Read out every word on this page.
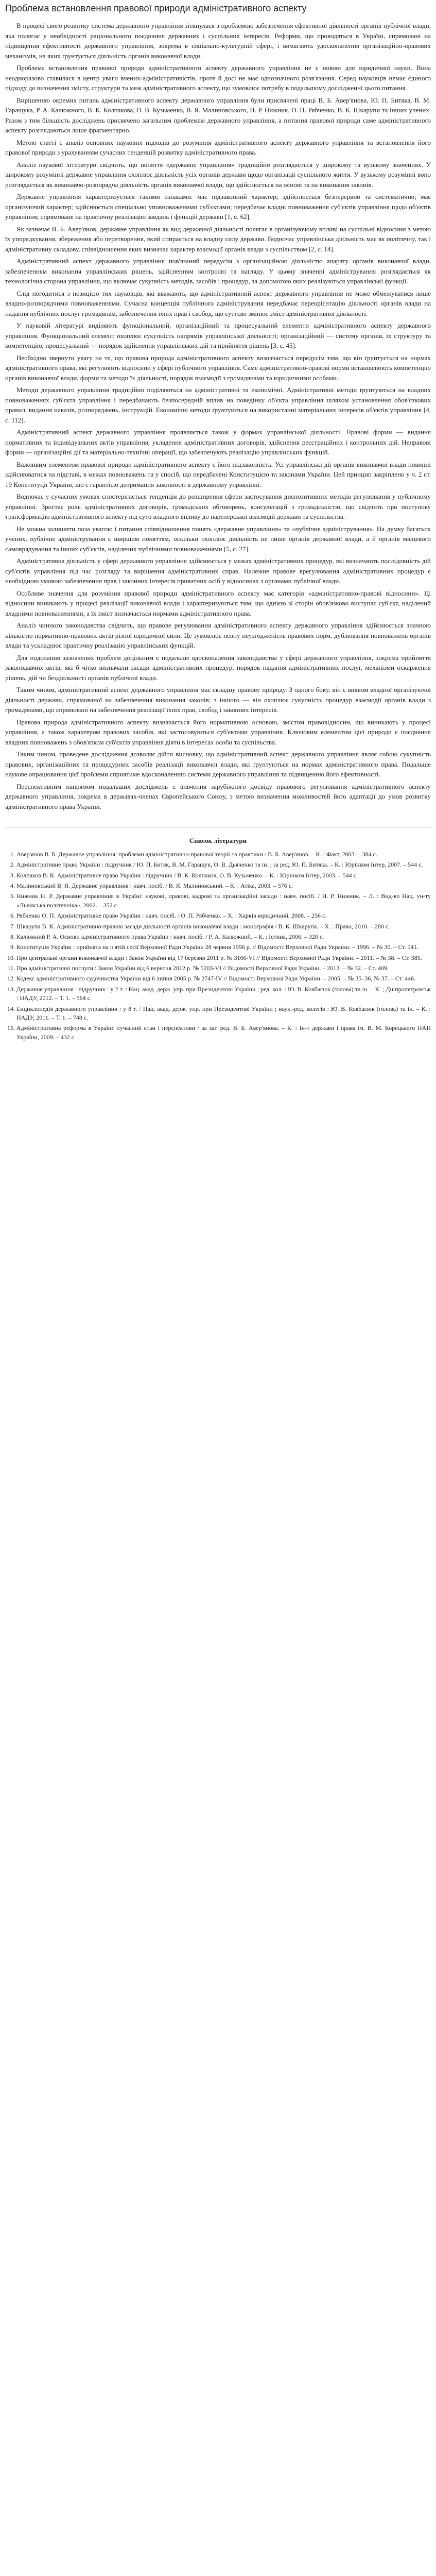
Проблема встановлення правової природи адміністративного аспекту

В процесі свого розвитку система державного управління зіткнулася з проблемою забезпечення ефективної діяльності органів публічної влади, яка полягає у необхідності раціонального поєднання державних і суспільних інтересів. Реформи, що проводяться в Україні, спрямовані на підвищення ефективності державного управління, зокрема в соціально-культурній сфері, і вимагають удосконалення організаційно-правових механізмів, на яких ґрунтується діяльність органів виконавчої влади.

Проблема встановлення правової природи адміністративного аспекту державного управління не є новою для юридичної науки. Вона неодноразово ставилася в центр уваги вчених-адміністративістів, проте й досі не має однозначного розв'язання. Серед науковців немає єдиного підходу до визначення змісту, структури та меж адміністративного аспекту, що зумовлює потребу в подальшому дослідженні цього питання.

Вирішенню окремих питань адміністративного аспекту державного управління були присвячені праці В. Б. Авер'янова, Ю. П. Битяка, В. М. Гаращука, Р. А. Калюжного, В. К. Колпакова, О. В. Кузьменко, В. Я. Малиновського, Н. Р. Нижник, О. П. Рябченко, В. К. Шкарупи та інших учених. Разом з тим більшість досліджень присвячено загальним проблемам державного управління, а питання правової природи саме адміністративного аспекту розглядаються лише фрагментарно.

Метою статті є аналіз основних наукових підходів до розуміння адміністративного аспекту державного управління та встановлення його правової природи з урахуванням сучасних тенденцій розвитку адміністративного права.

Аналіз наукової літератури свідчить, що поняття «державне управління» традиційно розглядається у широкому та вузькому значеннях. У широкому розумінні державне управління охоплює діяльність усіх органів держави щодо організації суспільного життя. У вузькому розумінні воно розглядається як виконавчо-розпорядча діяльність органів виконавчої влади, що здійснюється на основі та на виконання законів.

Державне управління характеризується такими ознаками: має підзаконний характер; здійснюється безперервно та систематично; має організуючий характер; здійснюється спеціально уповноваженими суб'єктами; передбачає владні повноваження суб'єктів управління щодо об'єктів управління; спрямоване на практичну реалізацію завдань і функцій держави [1, с. 62].

Як зазначає В. Б. Авер'янов, державне управління як вид державної діяльності полягає в організуючому впливі на суспільні відносини з метою їх упорядкування, збереження або перетворення, який спирається на владну силу держави. Водночас управлінська діяльність має як політичну, так і адміністративну складову, співвідношення яких визначає характер взаємодії органів влади з суспільством [2, с. 14].

Адміністративний аспект державного управління пов'язаний передусім з організаційною діяльністю апарату органів виконавчої влади, забезпеченням виконання управлінських рішень, здійсненням контролю та нагляду. У цьому значенні адміністрування розглядається як технологічна сторона управління, що включає сукупність методів, засобів і процедур, за допомогою яких реалізуються управлінські функції.

Слід погодитися з позицією тих науковців, які вважають, що адміністративний аспект державного управління не може обмежуватися лише владно-розпорядчими повноваженнями. Сучасна концепція публічного адміністрування передбачає переорієнтацію діяльності органів влади на надання публічних послуг громадянам, забезпечення їхніх прав і свобод, що суттєво змінює зміст адміністративної діяльності.

У науковій літературі виділяють функціональний, організаційний та процесуальний елементи адміністративного аспекту державного управління. Функціональний елемент охоплює сукупність напрямів управлінської діяльності; організаційний — систему органів, їх структуру та компетенцію; процесуальний — порядок здійснення управлінських дій та прийняття рішень [3, с. 45].

Необхідно звернути увагу на те, що правова природа адміністративного аспекту визначається передусім тим, що він ґрунтується на нормах адміністративного права, які регулюють відносини у сфері публічного управління. Саме адміністративно-правові норми встановлюють компетенцію органів виконавчої влади, форми та методи їх діяльності, порядок взаємодії з громадянами та юридичними особами.

Методи державного управління традиційно поділяються на адміністративні та економічні. Адміністративні методи ґрунтуються на владних повноваженнях суб'єкта управління і передбачають безпосередній вплив на поведінку об'єкта управління шляхом установлення обов'язкових правил, видання наказів, розпоряджень, інструкцій. Економічні методи ґрунтуються на використанні матеріальних інтересів об'єктів управління [4, с. 112].

Адміністративний аспект державного управління проявляється також у формах управлінської діяльності. Правові форми — видання нормативних та індивідуальних актів управління, укладення адміністративних договорів, здійснення реєстраційних і контрольних дій. Неправові форми — організаційні дії та матеріально-технічні операції, що забезпечують реалізацію управлінських функцій.

Важливим елементом правової природи адміністративного аспекту є його підзаконність. Усі управлінські дії органів виконавчої влади повинні здійснюватися на підставі, в межах повноважень та у спосіб, що передбачені Конституцією та законами України. Цей принцип закріплено у ч. 2 ст. 19 Конституції України, що є гарантією дотримання законності в державному управлінні.

Водночас у сучасних умовах спостерігається тенденція до розширення сфери застосування диспозитивних методів регулювання у публічному управлінні. Зростає роль адміністративних договорів, громадських обговорень, консультацій з громадськістю, що свідчить про поступову трансформацію адміністративного аспекту від суто владного впливу до партнерської взаємодії держави та суспільства.

Не можна залишити поза увагою і питання співвідношення понять «державне управління» та «публічне адміністрування». На думку багатьох учених, публічне адміністрування є ширшим поняттям, оскільки охоплює діяльність не лише органів державної влади, а й органів місцевого самоврядування та інших суб'єктів, наділених публічними повноваженнями [5, с. 27].

Адміністративна діяльність у сфері державного управління здійснюється у межах адміністративних процедур, які визначають послідовність дій суб'єктів управління під час розгляду та вирішення адміністративних справ. Належне правове врегулювання адміністративних процедур є необхідною умовою забезпечення прав і законних інтересів приватних осіб у відносинах з органами публічної влади.

Особливе значення для розуміння правової природи адміністративного аспекту має категорія «адміністративно-правові відносини». Ці відносини виникають у процесі реалізації виконавчої влади і характеризуються тим, що однією зі сторін обов'язково виступає суб'єкт, наділений владними повноваженнями, а їх зміст визначається нормами адміністративного права.

Аналіз чинного законодавства свідчить, що правове регулювання адміністративного аспекту державного управління здійснюється значною кількістю нормативно-правових актів різної юридичної сили. Це зумовлює певну неузгодженість правових норм, дублювання повноважень органів влади та ускладнює практичну реалізацію управлінських функцій.

Для подолання зазначених проблем доцільним є подальше вдосконалення законодавства у сфері державного управління, зокрема прийняття законодавчих актів, які б чітко визначали засади адміністративних процедур, порядок надання адміністративних послуг, механізми оскарження рішень, дій чи бездіяльності органів публічної влади.

Таким чином, адміністративний аспект державного управління має складну правову природу. З одного боку, він є виявом владної організуючої діяльності держави, спрямованої на забезпечення виконання законів; з іншого — він охоплює сукупність процедур взаємодії органів влади з громадянами, що спрямовані на забезпечення реалізації їхніх прав, свобод і законних інтересів.

Правова природа адміністративного аспекту визначається його нормативною основою, змістом правовідносин, що виникають у процесі управління, а також характером правових засобів, які застосовуються суб'єктами управління. Ключовим елементом цієї природи є поєднання владних повноважень з обов'язком суб'єктів управління діяти в інтересах особи та суспільства.

Таким чином, проведене дослідження дозволяє дійти висновку, що адміністративний аспект державного управління являє собою сукупність правових, організаційних та процедурних засобів реалізації виконавчої влади, які ґрунтуються на нормах адміністративного права. Подальше наукове опрацювання цієї проблеми сприятиме вдосконаленню системи державного управління та підвищенню його ефективності.

Перспективним напрямом подальших досліджень є вивчення зарубіжного досвіду правового регулювання адміністративного аспекту державного управління, зокрема в державах-членах Європейського Союзу, з метою визначення можливостей його адаптації до умов розвитку адміністративного права України.

Список літератури
1. Авер'янов В. Б. Державне управління: проблеми адміністративно-правової теорії та практики / В. Б. Авер'янов. – К. : Факт, 2003. – 384 с.
2. Адміністративне право України : підручник / Ю. П. Битяк, В. М. Гаращук, О. В. Дьяченко та ін. ; за ред. Ю. П. Битяка. – К. : Юрінком Інтер, 2007. – 544 с.
3. Колпаков В. К. Адміністративне право України : підручник / В. К. Колпаков, О. В. Кузьменко. – К. : Юрінком Інтер, 2003. – 544 с.
4. Малиновський В. Я. Державне управління : навч. посіб. / В. Я. Малиновський. – К. : Атіка, 2003. – 576 с.
5. Нижник Н. Р. Державне управління в Україні: наукові, правові, кадрові та організаційні засади : навч. посіб. / Н. Р. Нижник. – Л. : Вид-во Нац. ун-ту «Львівська політехніка», 2002. – 352 с.
6. Рябченко О. П. Адміністративне право України : навч. посіб. / О. П. Рябченко. – Х. : Харків юридичний, 2008. – 256 с.
7. Шкарупа В. К. Адміністративно-правові засади діяльності органів виконавчої влади : монографія / В. К. Шкарупа. – Х. : Право, 2010. – 280 с.
8. Калюжний Р. А. Основи адміністративного права України : навч. посіб. / Р. А. Калюжний. – К. : Істина, 2006. – 320 с.
9. Конституція України : прийнята на п'ятій сесії Верховної Ради України 28 червня 1996 р. // Відомості Верховної Ради України. – 1996. – № 30. – Ст. 141.
10. Про центральні органи виконавчої влади : Закон України від 17 березня 2011 р. № 3166-VI // Відомості Верховної Ради України. – 2011. – № 38. – Ст. 385.
11. Про адміністративні послуги : Закон України від 6 вересня 2012 р. № 5203-VI // Відомості Верховної Ради України. – 2013. – № 32. – Ст. 409.
12. Кодекс адміністративного судочинства України від 6 липня 2005 р. № 2747-IV // Відомості Верховної Ради України. – 2005. – № 35–36, № 37. – Ст. 446.
13. Державне управління : підручник : у 2 т. / Нац. акад. держ. упр. при Президентові України ; ред. кол. : Ю. В. Ковбасюк (голова) та ін. – К. ; Дніпропетровськ : НАДУ, 2012. – Т. 1. – 564 с.
14. Енциклопедія державного управління : у 8 т. / Нац. акад. держ. упр. при Президентові України ; наук.-ред. колегія : Ю. В. Ковбасюк (голова) та ін. – К. : НАДУ, 2011. – Т. 1. – 748 с.
15. Адміністративна реформа в Україні: сучасний стан і перспективи / за заг. ред. В. Б. Авер'янова. – К. : Ін-т держави і права ім. В. М. Корецького НАН України, 2009. – 432 с.
